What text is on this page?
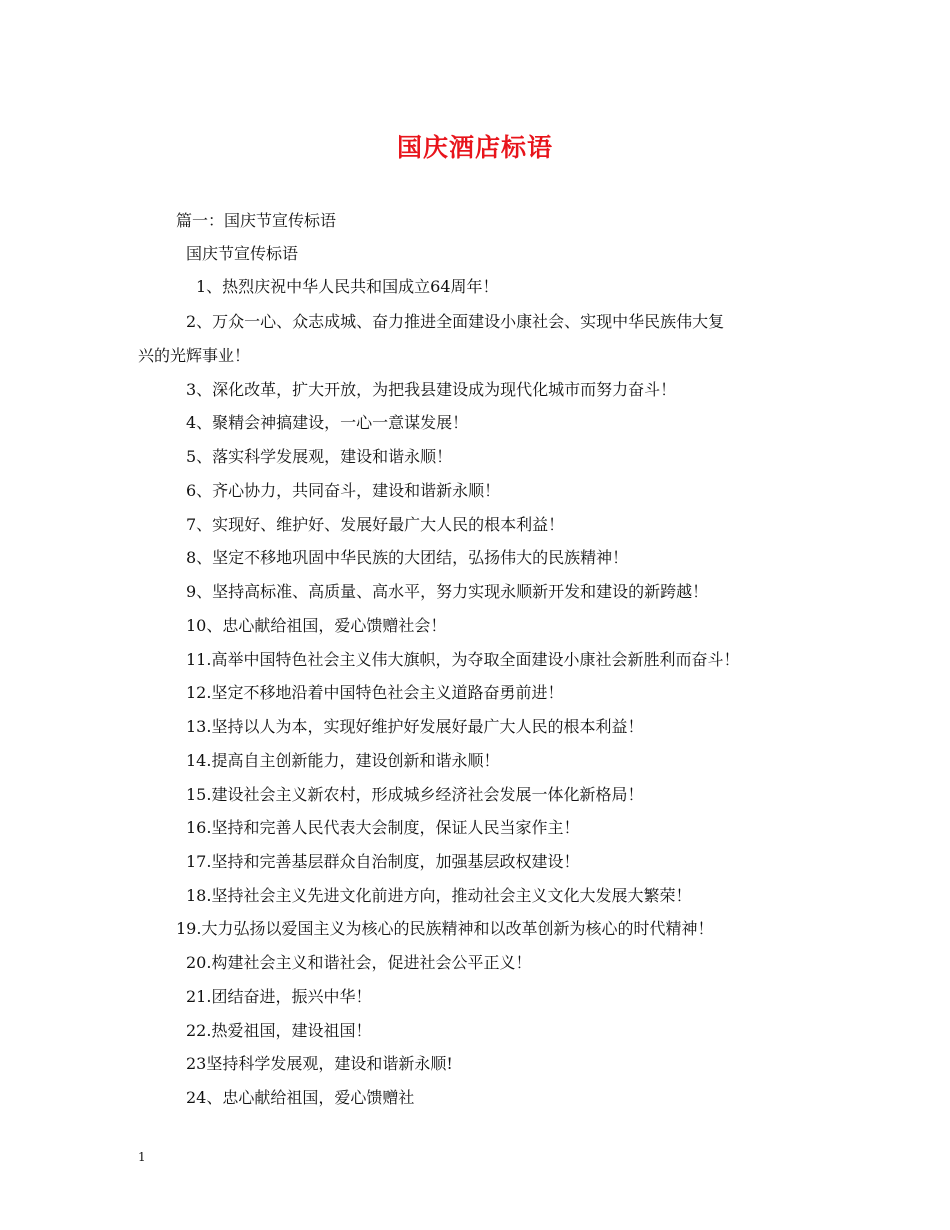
国庆酒店标语
篇一：国庆节宣传标语
国庆节宣传标语
1、热烈庆祝中华人民共和国成立64周年！
2、万众一心、众志成城、奋力推进全面建设小康社会、实现中华民族伟大复
兴的光辉事业！
3、深化改革，扩大开放，为把我县建设成为现代化城市而努力奋斗！
4、聚精会神搞建设，一心一意谋发展！
5、落实科学发展观，建设和谐永顺！
6、齐心协力，共同奋斗，建设和谐新永顺！
7、实现好、维护好、发展好最广大人民的根本利益！
8、坚定不移地巩固中华民族的大团结，弘扬伟大的民族精神！
9、坚持高标准、高质量、高水平，努力实现永顺新开发和建设的新跨越！
10、忠心献给祖国，爱心馈赠社会！
11.高举中国特色社会主义伟大旗帜，为夺取全面建设小康社会新胜利而奋斗！
12.坚定不移地沿着中国特色社会主义道路奋勇前进！
13.坚持以人为本，实现好维护好发展好最广大人民的根本利益！
14.提高自主创新能力，建设创新和谐永顺！
15.建设社会主义新农村，形成城乡经济社会发展一体化新格局！
16.坚持和完善人民代表大会制度，保证人民当家作主！
17.坚持和完善基层群众自治制度，加强基层政权建设！
18.坚持社会主义先进文化前进方向，推动社会主义文化大发展大繁荣！
19.大力弘扬以爱国主义为核心的民族精神和以改革创新为核心的时代精神！
20.构建社会主义和谐社会，促进社会公平正义！
21.团结奋进，振兴中华！
22.热爱祖国，建设祖国！
23坚持科学发展观，建设和谐新永顺!
24、忠心献给祖国，爱心馈赠社
1
